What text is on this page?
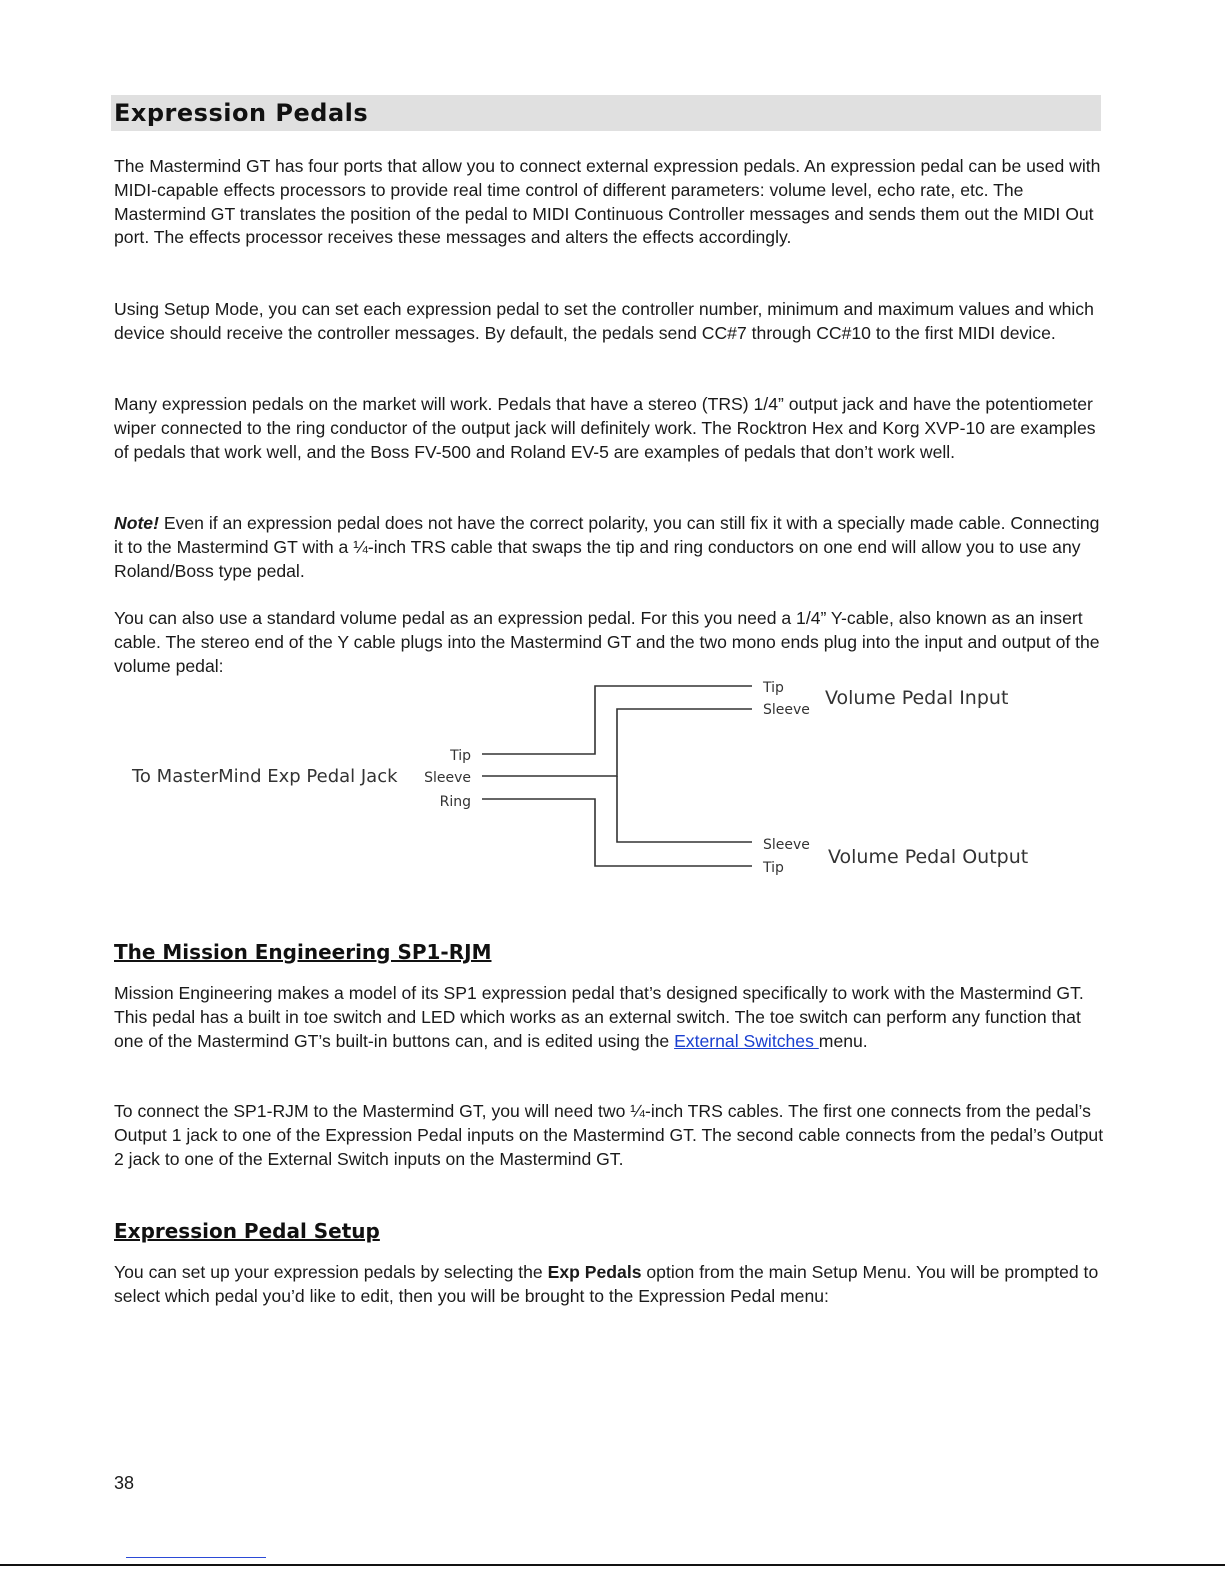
Expression Pedals

The Mastermind GT has four ports that allow you to connect external expression pedals. An expression pedal can be used with MIDI-capable effects processors to provide real time control of different parameters: volume level, echo rate, etc. The Mastermind GT translates the position of the pedal to MIDI Continuous Controller messages and sends them out the MIDI Out port. The effects processor receives these messages and alters the effects accordingly.

Using Setup Mode, you can set each expression pedal to set the controller number, minimum and maximum values and which device should receive the controller messages. By default, the pedals send CC#7 through CC#10 to the first MIDI device.

Many expression pedals on the market will work. Pedals that have a stereo (TRS) 1/4” output jack and have the potentiometer wiper connected to the ring conductor of the output jack will definitely work. The Rocktron Hex and Korg XVP-10 are examples of pedals that work well, and the Boss FV-500 and Roland EV-5 are examples of pedals that don’t work well.

Note! Even if an expression pedal does not have the correct polarity, you can still fix it with a specially made cable. Connecting it to the Mastermind GT with a ¼-inch TRS cable that swaps the tip and ring conductors on one end will allow you to use any Roland/Boss type pedal.

You can also use a standard volume pedal as an expression pedal. For this you need a 1/4” Y-cable, also known as an insert cable. The stereo end of the Y cable plugs into the Mastermind GT and the two mono ends plug into the input and output of the volume pedal:

To MasterMind Exp Pedal Jack
Tip
Sleeve
Ring
Tip
Sleeve
Volume Pedal Input
Sleeve
Tip Volume Pedal Output
The Mission Engineering SP1-RJM

Mission Engineering makes a model of its SP1 expression pedal that’s designed specifically to work with the Mastermind GT. This pedal has a built in toe switch and LED which works as an external switch. The toe switch can perform any function that one of the Mastermind GT’s built-in buttons can, and is edited using the External Switches menu.

To connect the SP1-RJM to the Mastermind GT, you will need two ¼-inch TRS cables. The first one connects from the pedal’s Output 1 jack to one of the Expression Pedal inputs on the Mastermind GT. The second cable connects from the pedal’s Output 2 jack to one of the External Switch inputs on the Mastermind GT.

Expression Pedal Setup

You can set up your expression pedals by selecting the Exp Pedals option from the main Setup Menu. You will be prompted to select which pedal you’d like to edit, then you will be brought to the Expression Pedal menu:

38
